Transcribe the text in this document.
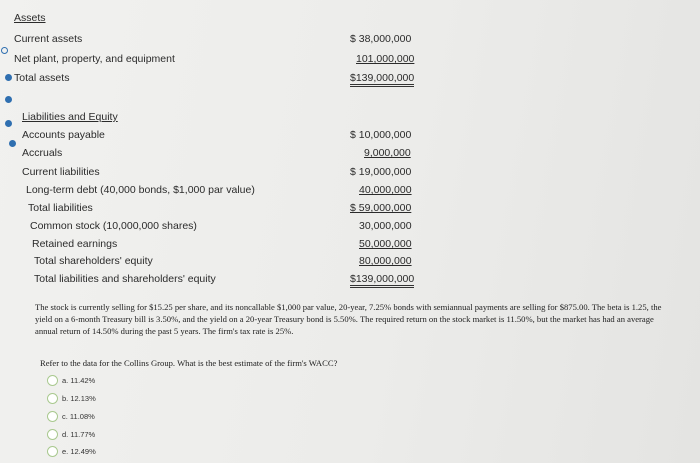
Assets
Current assets	$ 38,000,000
Net plant, property, and equipment	101,000,000
Total assets	$139,000,000
Liabilities and Equity
Accounts payable	$ 10,000,000
Accruals	9,000,000
Current liabilities	$ 19,000,000
Long-term debt (40,000 bonds, $1,000 par value)	40,000,000
Total liabilities	$ 59,000,000
Common stock (10,000,000 shares)	30,000,000
Retained earnings	50,000,000
Total shareholders' equity	80,000,000
Total liabilities and shareholders' equity	$139,000,000
The stock is currently selling for $15.25 per share, and its noncallable $1,000 par value, 20-year, 7.25% bonds with semiannual payments are selling for $875.00. The beta is 1.25, the yield on a 6-month Treasury bill is 3.50%, and the yield on a 20-year Treasury bond is 5.50%. The required return on the stock market is 11.50%, but the market has had an average annual return of 14.50% during the past 5 years. The firm's tax rate is 25%.
Refer to the data for the Collins Group. What is the best estimate of the firm's WACC?
a. 11.42%
b. 12.13%
c. 11.08%
d. 11.77%
e. 12.49%
